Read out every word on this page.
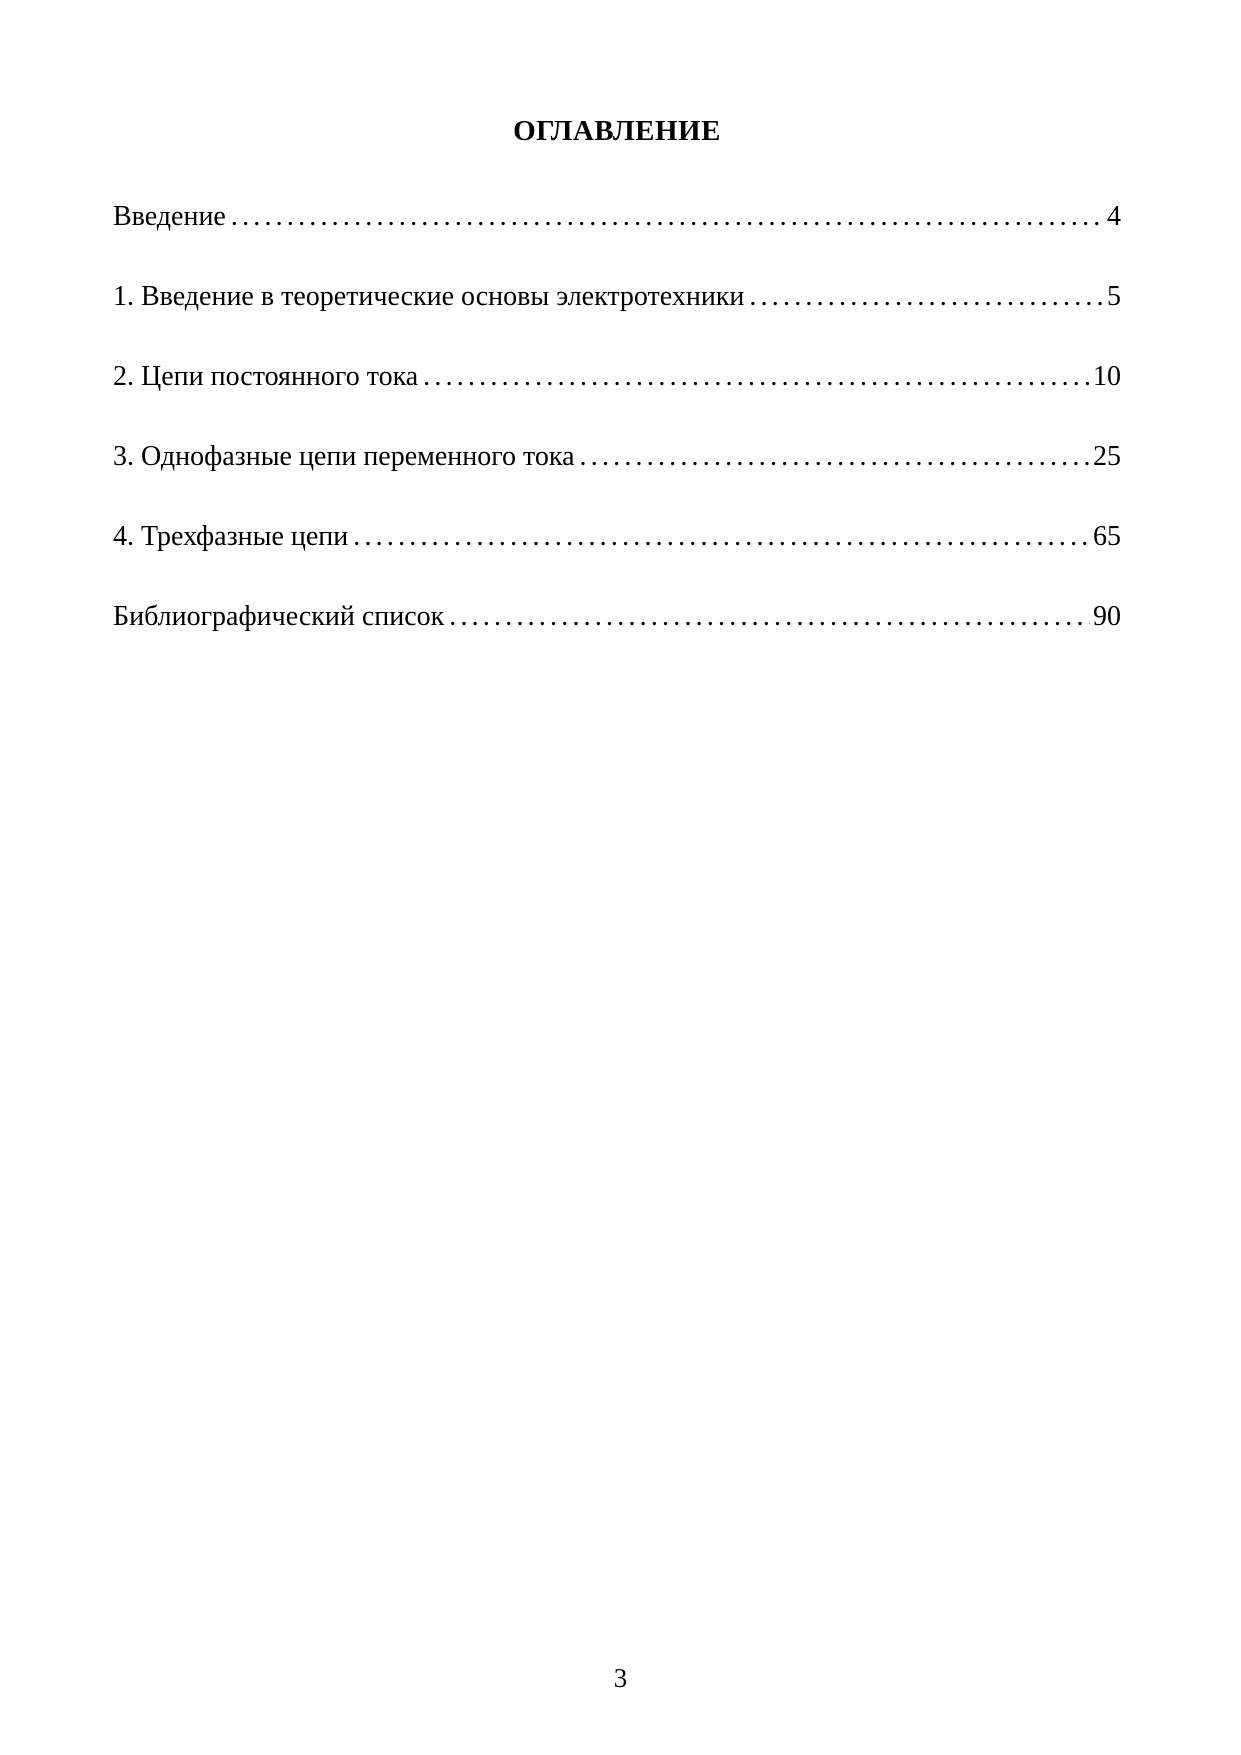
ОГЛАВЛЕНИЕ
Введение .....	4
1. Введение в теоретические основы электротехники .....	5
2. Цепи постоянного тока .....	10
3. Однофазные цепи переменного тока .....	25
4. Трехфазные цепи .....	65
Библиографический список .....	90
3
